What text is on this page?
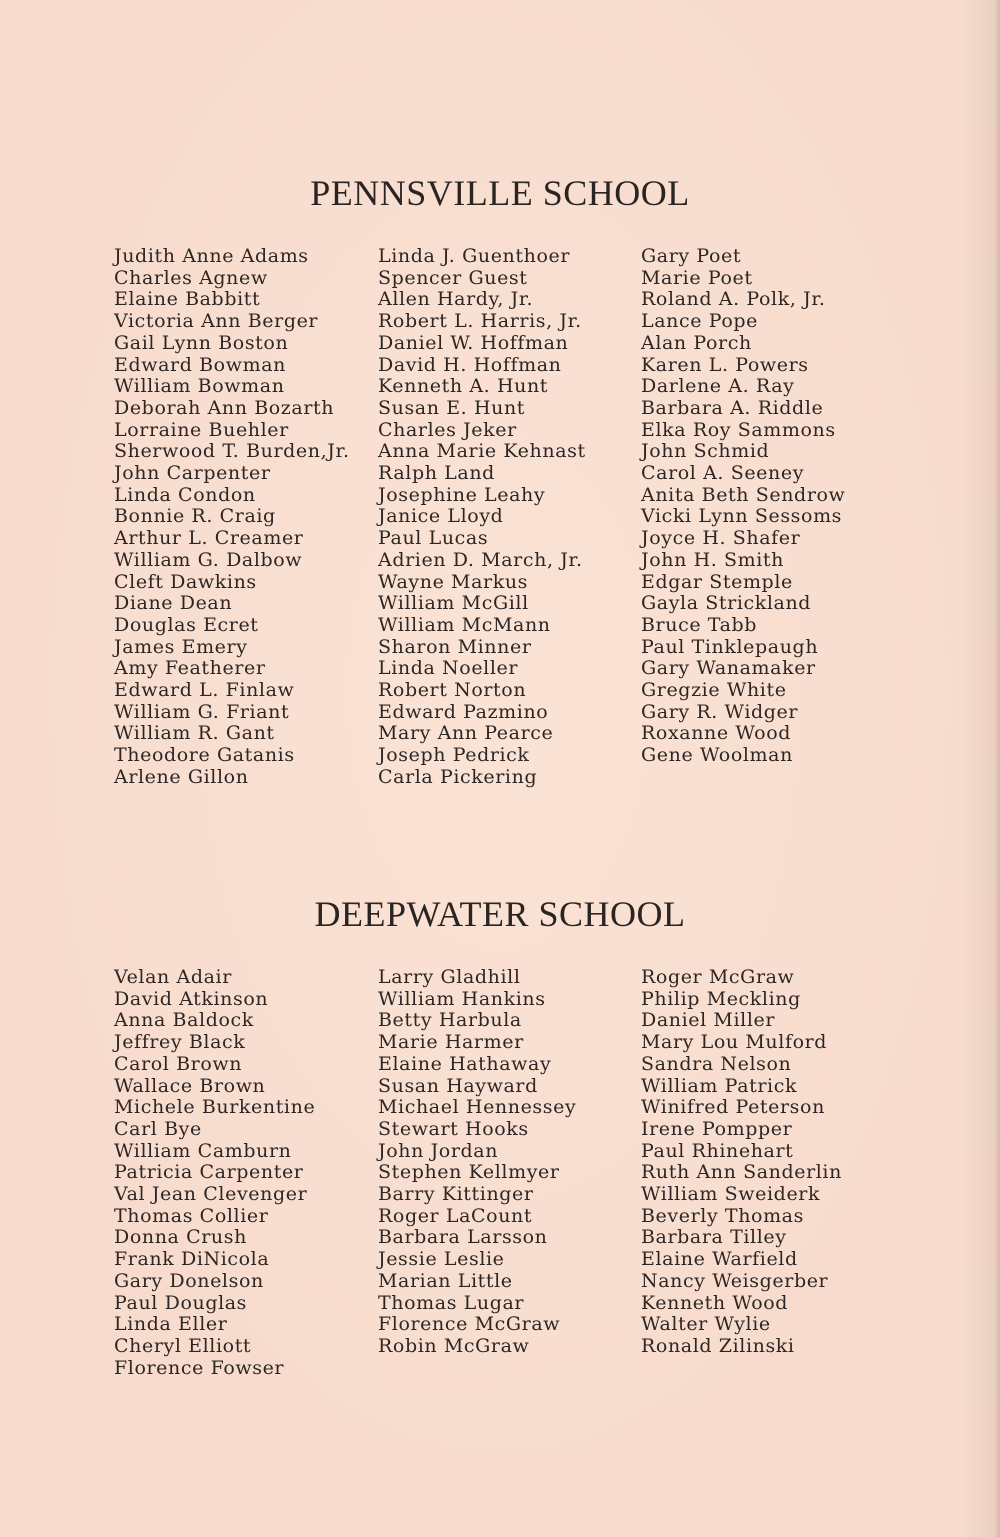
PENNSVILLE SCHOOL
Judith Anne Adams
Charles Agnew
Elaine Babbitt
Victoria Ann Berger
Gail Lynn Boston
Edward Bowman
William Bowman
Deborah Ann Bozarth
Lorraine Buehler
Sherwood T. Burden,Jr.
John Carpenter
Linda Condon
Bonnie R. Craig
Arthur L. Creamer
William G. Dalbow
Cleft Dawkins
Diane Dean
Douglas Ecret
James Emery
Amy Featherer
Edward L. Finlaw
William G. Friant
William R. Gant
Theodore Gatanis
Arlene Gillon
Linda J. Guenthoer
Spencer Guest
Allen Hardy, Jr.
Robert L. Harris, Jr.
Daniel W. Hoffman
David H. Hoffman
Kenneth A. Hunt
Susan E. Hunt
Charles Jeker
Anna Marie Kehnast
Ralph Land
Josephine Leahy
Janice Lloyd
Paul Lucas
Adrien D. March, Jr.
Wayne Markus
William McGill
William McMann
Sharon Minner
Linda Noeller
Robert Norton
Edward Pazmino
Mary Ann Pearce
Joseph Pedrick
Carla Pickering
Gary Poet
Marie Poet
Roland A. Polk, Jr.
Lance Pope
Alan Porch
Karen L. Powers
Darlene A. Ray
Barbara A. Riddle
Elka Roy Sammons
John Schmid
Carol A. Seeney
Anita Beth Sendrow
Vicki Lynn Sessoms
Joyce H. Shafer
John H. Smith
Edgar Stemple
Gayla Strickland
Bruce Tabb
Paul Tinklepaugh
Gary Wanamaker
Gregzie White
Gary R. Widger
Roxanne Wood
Gene Woolman
DEEPWATER SCHOOL
Velan Adair
David Atkinson
Anna Baldock
Jeffrey Black
Carol Brown
Wallace Brown
Michele Burkentine
Carl Bye
William Camburn
Patricia Carpenter
Val Jean Clevenger
Thomas Collier
Donna Crush
Frank DiNicola
Gary Donelson
Paul Douglas
Linda Eller
Cheryl Elliott
Florence Fowser
Larry Gladhill
William Hankins
Betty Harbula
Marie Harmer
Elaine Hathaway
Susan Hayward
Michael Hennessey
Stewart Hooks
John Jordan
Stephen Kellmyer
Barry Kittinger
Roger LaCount
Barbara Larsson
Jessie Leslie
Marian Little
Thomas Lugar
Florence McGraw
Robin McGraw
Roger McGraw
Philip Meckling
Daniel Miller
Mary Lou Mulford
Sandra Nelson
William Patrick
Winifred Peterson
Irene Pompper
Paul Rhinehart
Ruth Ann Sanderlin
William Sweiderk
Beverly Thomas
Barbara Tilley
Elaine Warfield
Nancy Weisgerber
Kenneth Wood
Walter Wylie
Ronald Zilinski
